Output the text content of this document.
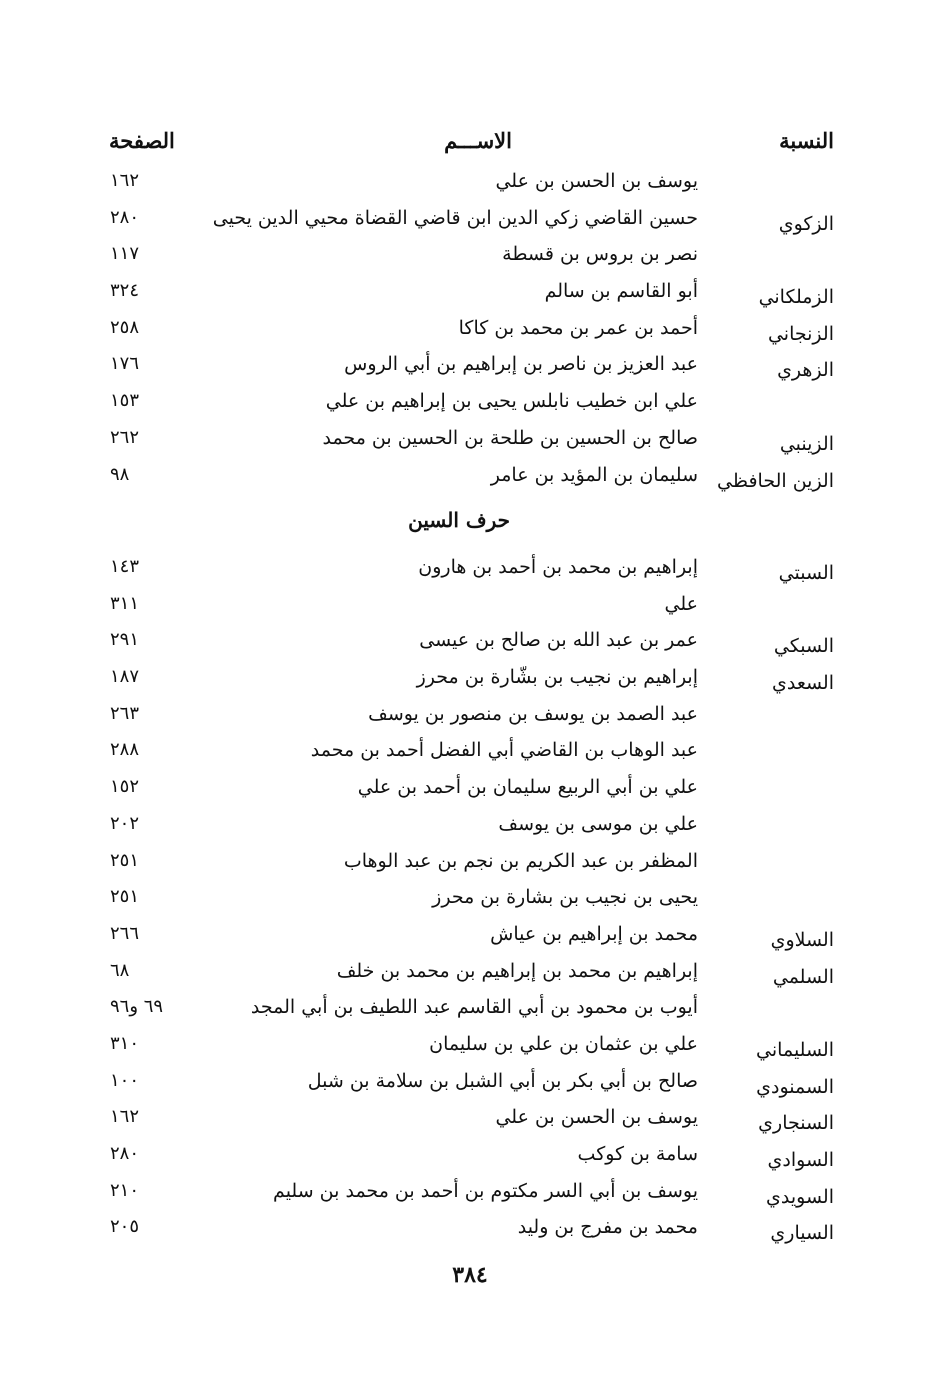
النسبة
الاســـم
الصفحة
يوسف بن الحسن بن علي
١٦٢
الزكوي
حسين القاضي زكي الدين ابن قاضي القضاة محيي الدين يحيى
٢٨٠
نصر بن بروس بن قسطة
١١٧
الزملكاني
أبو القاسم بن سالم
٣٢٤
الزنجاني
أحمد بن عمر بن محمد بن كاكا
٢٥٨
الزهري
عبد العزيز بن ناصر بن إبراهيم بن أبي الروس
١٧٦
علي ابن خطيب نابلس يحيى بن إبراهيم بن علي
١٥٣
الزينبي
صالح بن الحسين بن طلحة بن الحسين بن محمد
٢٦٢
الزين الحافظي
سليمان بن المؤيد بن عامر
٩٨
حرف السين
السبتي
إبراهيم بن محمد بن أحمد بن هارون
١٤٣
علي
٣١١
السبكي
عمر بن عبد الله بن صالح بن عيسى
٢٩١
السعدي
إبراهيم بن نجيب بن بشّارة بن محرز
١٨٧
عبد الصمد بن يوسف بن منصور بن يوسف
٢٦٣
عبد الوهاب بن القاضي أبي الفضل أحمد بن محمد
٢٨٨
علي بن أبي الربيع سليمان بن أحمد بن علي
١٥٢
علي بن موسى بن يوسف
٢٠٢
المظفر بن عبد الكريم بن نجم بن عبد الوهاب
٢٥١
يحيى بن نجيب بن بشارة بن محرز
٢٥١
السلاوي
محمد بن إبراهيم بن عياش
٢٦٦
السلمي
إبراهيم بن محمد بن إبراهيم بن محمد بن خلف
٦٨
أيوب بن محمود بن أبي القاسم عبد اللطيف بن أبي المجد
٦٩ و٩٦
السليماني
علي بن عثمان بن علي بن سليمان
٣١٠
السمنودي
صالح بن أبي بكر بن أبي الشبل بن سلامة بن شبل
١٠٠
السنجاري
يوسف بن الحسن بن علي
١٦٢
السوادي
سامة بن كوكب
٢٨٠
السويدي
يوسف بن أبي السر مكتوم بن أحمد بن محمد بن سليم
٢١٠
السياري
محمد بن مفرج بن وليد
٢٠٥
٣٨٤
